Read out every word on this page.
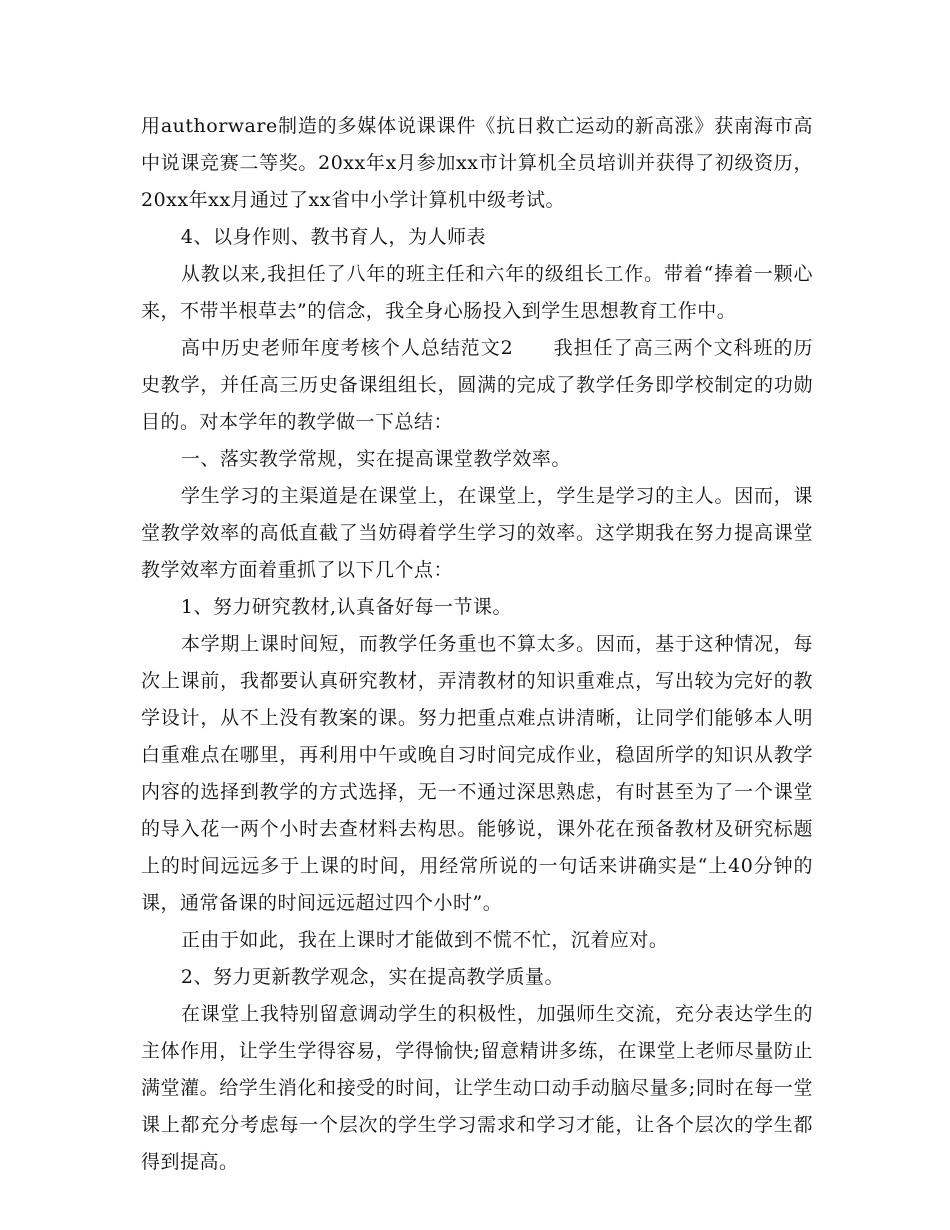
用authorware制造的多媒体说课课件《抗日救亡运动的新高涨》获南海市高中说课竞赛二等奖。20xx年x月参加xx市计算机全员培训并获得了初级资历，20xx年xx月通过了xx省中小学计算机中级考试。

4、以身作则、教书育人，为人师表

从教以来,我担任了八年的班主任和六年的级组长工作。带着“捧着一颗心来，不带半根草去”的信念，我全身心肠投入到学生思想教育工作中。

高中历史老师年度考核个人总结范文2　　我担任了高三两个文科班的历史教学，并任高三历史备课组组长，圆满的完成了教学任务即学校制定的功勋目的。对本学年的教学做一下总结：

一、落实教学常规，实在提高课堂教学效率。

学生学习的主渠道是在课堂上，在课堂上，学生是学习的主人。因而，课堂教学效率的高低直截了当妨碍着学生学习的效率。这学期我在努力提高课堂教学效率方面着重抓了以下几个点：

1、努力研究教材,认真备好每一节课。

本学期上课时间短，而教学任务重也不算太多。因而，基于这种情况，每次上课前，我都要认真研究教材，弄清教材的知识重难点，写出较为完好的教学设计，从不上没有教案的课。努力把重点难点讲清晰，让同学们能够本人明白重难点在哪里，再利用中午或晚自习时间完成作业，稳固所学的知识从教学内容的选择到教学的方式选择，无一不通过深思熟虑，有时甚至为了一个课堂的导入花一两个小时去查材料去构思。能够说，课外花在预备教材及研究标题上的时间远远多于上课的时间，用经常所说的一句话来讲确实是“上40分钟的课，通常备课的时间远远超过四个小时”。

正由于如此，我在上课时才能做到不慌不忙，沉着应对。

2、努力更新教学观念，实在提高教学质量。

在课堂上我特别留意调动学生的积极性，加强师生交流，充分表达学生的主体作用，让学生学得容易，学得愉快;留意精讲多练，在课堂上老师尽量防止满堂灌。给学生消化和接受的时间，让学生动口动手动脑尽量多;同时在每一堂课上都充分考虑每一个层次的学生学习需求和学习才能，让各个层次的学生都得到提高。
